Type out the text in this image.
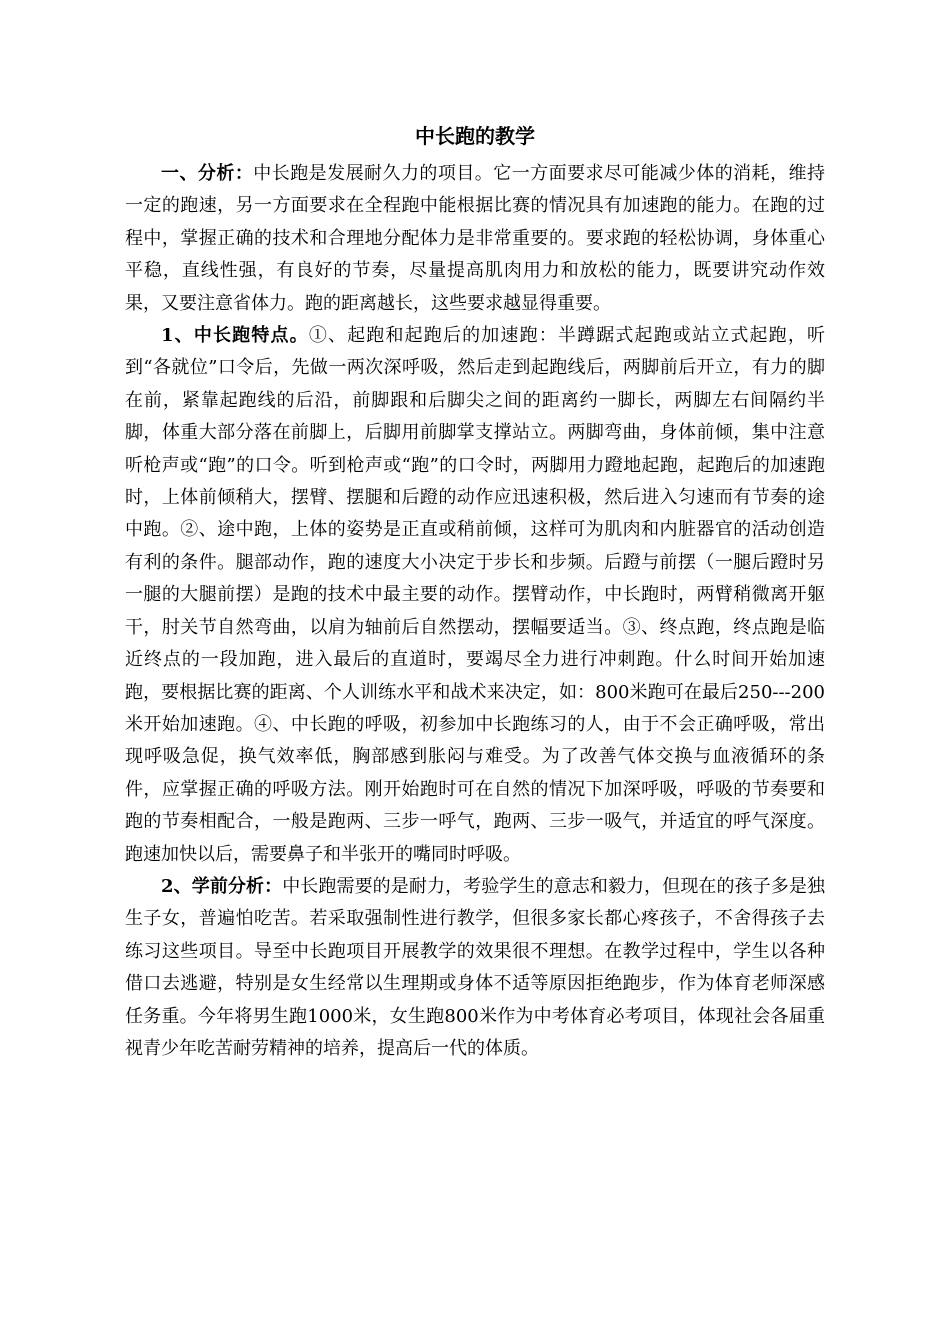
中长跑的教学

一、分析：中长跑是发展耐久力的项目。它一方面要求尽可能减少体的消耗，维持一定的跑速，另一方面要求在全程跑中能根据比赛的情况具有加速跑的能力。在跑的过程中，掌握正确的技术和合理地分配体力是非常重要的。要求跑的轻松协调，身体重心平稳，直线性强，有良好的节奏，尽量提高肌肉用力和放松的能力，既要讲究动作效果，又要注意省体力。跑的距离越长，这些要求越显得重要。

1、中长跑特点。①、起跑和起跑后的加速跑：半蹲踞式起跑或站立式起跑，听到“各就位”口令后，先做一两次深呼吸，然后走到起跑线后，两脚前后开立，有力的脚在前，紧靠起跑线的后沿，前脚跟和后脚尖之间的距离约一脚长，两脚左右间隔约半脚，体重大部分落在前脚上，后脚用前脚掌支撑站立。两脚弯曲，身体前倾，集中注意听枪声或“跑”的口令。听到枪声或“跑”的口令时，两脚用力蹬地起跑，起跑后的加速跑时，上体前倾稍大，摆臂、摆腿和后蹬的动作应迅速积极，然后进入匀速而有节奏的途中跑。②、途中跑，上体的姿势是正直或稍前倾，这样可为肌肉和内脏器官的活动创造有利的条件。腿部动作，跑的速度大小决定于步长和步频。后蹬与前摆（一腿后蹬时另一腿的大腿前摆）是跑的技术中最主要的动作。摆臂动作，中长跑时，两臂稍微离开躯干，肘关节自然弯曲，以肩为轴前后自然摆动，摆幅要适当。③、终点跑，终点跑是临近终点的一段加跑，进入最后的直道时，要竭尽全力进行冲刺跑。什么时间开始加速跑，要根据比赛的距离、个人训练水平和战术来决定，如：800米跑可在最后250---200米开始加速跑。④、中长跑的呼吸，初参加中长跑练习的人，由于不会正确呼吸，常出现呼吸急促，换气效率低，胸部感到胀闷与难受。为了改善气体交换与血液循环的条件，应掌握正确的呼吸方法。刚开始跑时可在自然的情况下加深呼吸，呼吸的节奏要和跑的节奏相配合，一般是跑两、三步一呼气，跑两、三步一吸气，并适宜的呼气深度。跑速加快以后，需要鼻子和半张开的嘴同时呼吸。

2、学前分析：中长跑需要的是耐力，考验学生的意志和毅力，但现在的孩子多是独生子女，普遍怕吃苦。若采取强制性进行教学，但很多家长都心疼孩子，不舍得孩子去练习这些项目。导至中长跑项目开展教学的效果很不理想。在教学过程中，学生以各种借口去逃避，特别是女生经常以生理期或身体不适等原因拒绝跑步，作为体育老师深感任务重。今年将男生跑1000米，女生跑800米作为中考体育必考项目，体现社会各届重视青少年吃苦耐劳精神的培养，提高后一代的体质。
